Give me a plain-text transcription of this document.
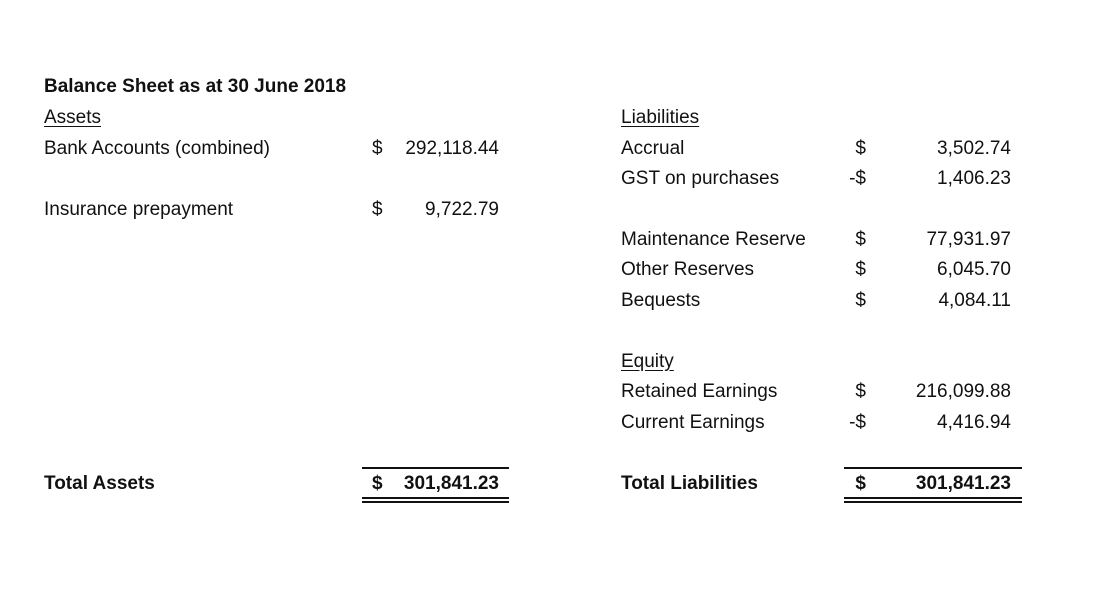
Balance Sheet as at 30 June 2018
Assets
Bank Accounts (combined)	$	292,118.44
Insurance prepayment	$	9,722.79
Liabilities
Accrual	$	3,502.74
GST on purchases	-$	1,406.23
Maintenance Reserve	$	77,931.97
Other Reserves	$	6,045.70
Bequests	$	4,084.11
Equity
Retained Earnings	$	216,099.88
Current Earnings	-$	4,416.94
Total Assets	$	301,841.23	Total Liabilities	$	301,841.23
